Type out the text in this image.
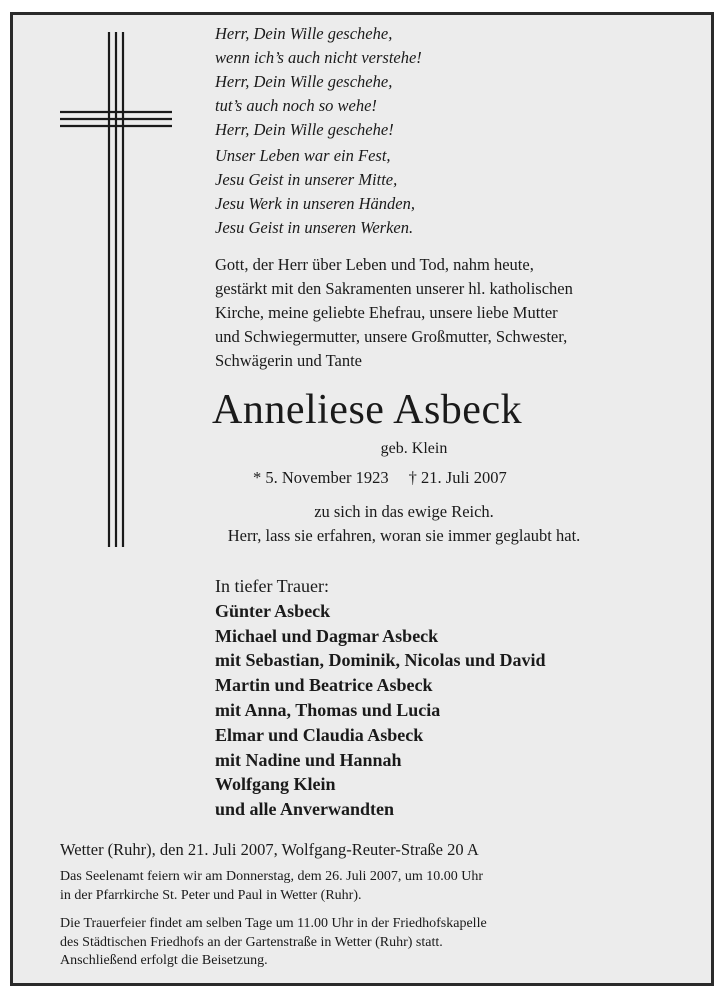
Herr, Dein Wille geschehe,
wenn ich’s auch nicht verstehe!
Herr, Dein Wille geschehe,
tut’s auch noch so wehe!
Herr, Dein Wille geschehe!
Unser Leben war ein Fest,
Jesu Geist in unserer Mitte,
Jesu Werk in unseren Händen,
Jesu Geist in unseren Werken.
Gott, der Herr über Leben und Tod, nahm heute,
gestärkt mit den Sakramenten unserer hl. katholischen
Kirche, meine geliebte Ehefrau, unsere liebe Mutter
und Schwiegermutter, unsere Großmutter, Schwester,
Schwägerin und Tante
Anneliese Asbeck
geb. Klein
* 5. November 1923 † 21. Juli 2007
zu sich in das ewige Reich.
Herr, lass sie erfahren, woran sie immer geglaubt hat.
In tiefer Trauer:
Günter Asbeck
Michael und Dagmar Asbeck
mit Sebastian, Dominik, Nicolas und David
Martin und Beatrice Asbeck
mit Anna, Thomas und Lucia
Elmar und Claudia Asbeck
mit Nadine und Hannah
Wolfgang Klein
und alle Anverwandten
Wetter (Ruhr), den 21. Juli 2007, Wolfgang-Reuter-Straße 20 A
Das Seelenamt feiern wir am Donnerstag, dem 26. Juli 2007, um 10.00 Uhr
in der Pfarrkirche St. Peter und Paul in Wetter (Ruhr).
Die Trauerfeier findet am selben Tage um 11.00 Uhr in der Friedhofskapelle
des Städtischen Friedhofs an der Gartenstraße in Wetter (Ruhr) statt.
Anschließend erfolgt die Beisetzung.
